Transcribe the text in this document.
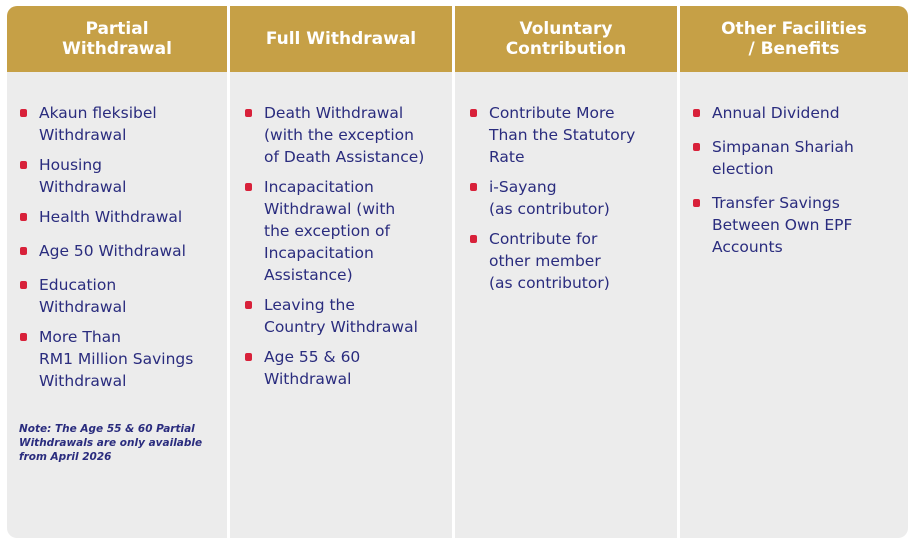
Partial
Withdrawal
Akaun fleksibel
Withdrawal
Housing
Withdrawal
Health Withdrawal
Age 50 Withdrawal
Education
Withdrawal
More Than
RM1 Million Savings
Withdrawal
Note: The Age 55 & 60 Partial
Withdrawals are only available
from April 2026
Full Withdrawal
Death Withdrawal
(with the exception
of Death Assistance)
Incapacitation
Withdrawal (with
the exception of
Incapacitation
Assistance)
Leaving the
Country Withdrawal
Age 55 & 60
Withdrawal
Voluntary
Contribution
Contribute More
Than the Statutory
Rate
i-Sayang
(as contributor)
Contribute for
other member
(as contributor)
Other Facilities
/ Benefits
Annual Dividend
Simpanan Shariah
election
Transfer Savings
Between Own EPF
Accounts
